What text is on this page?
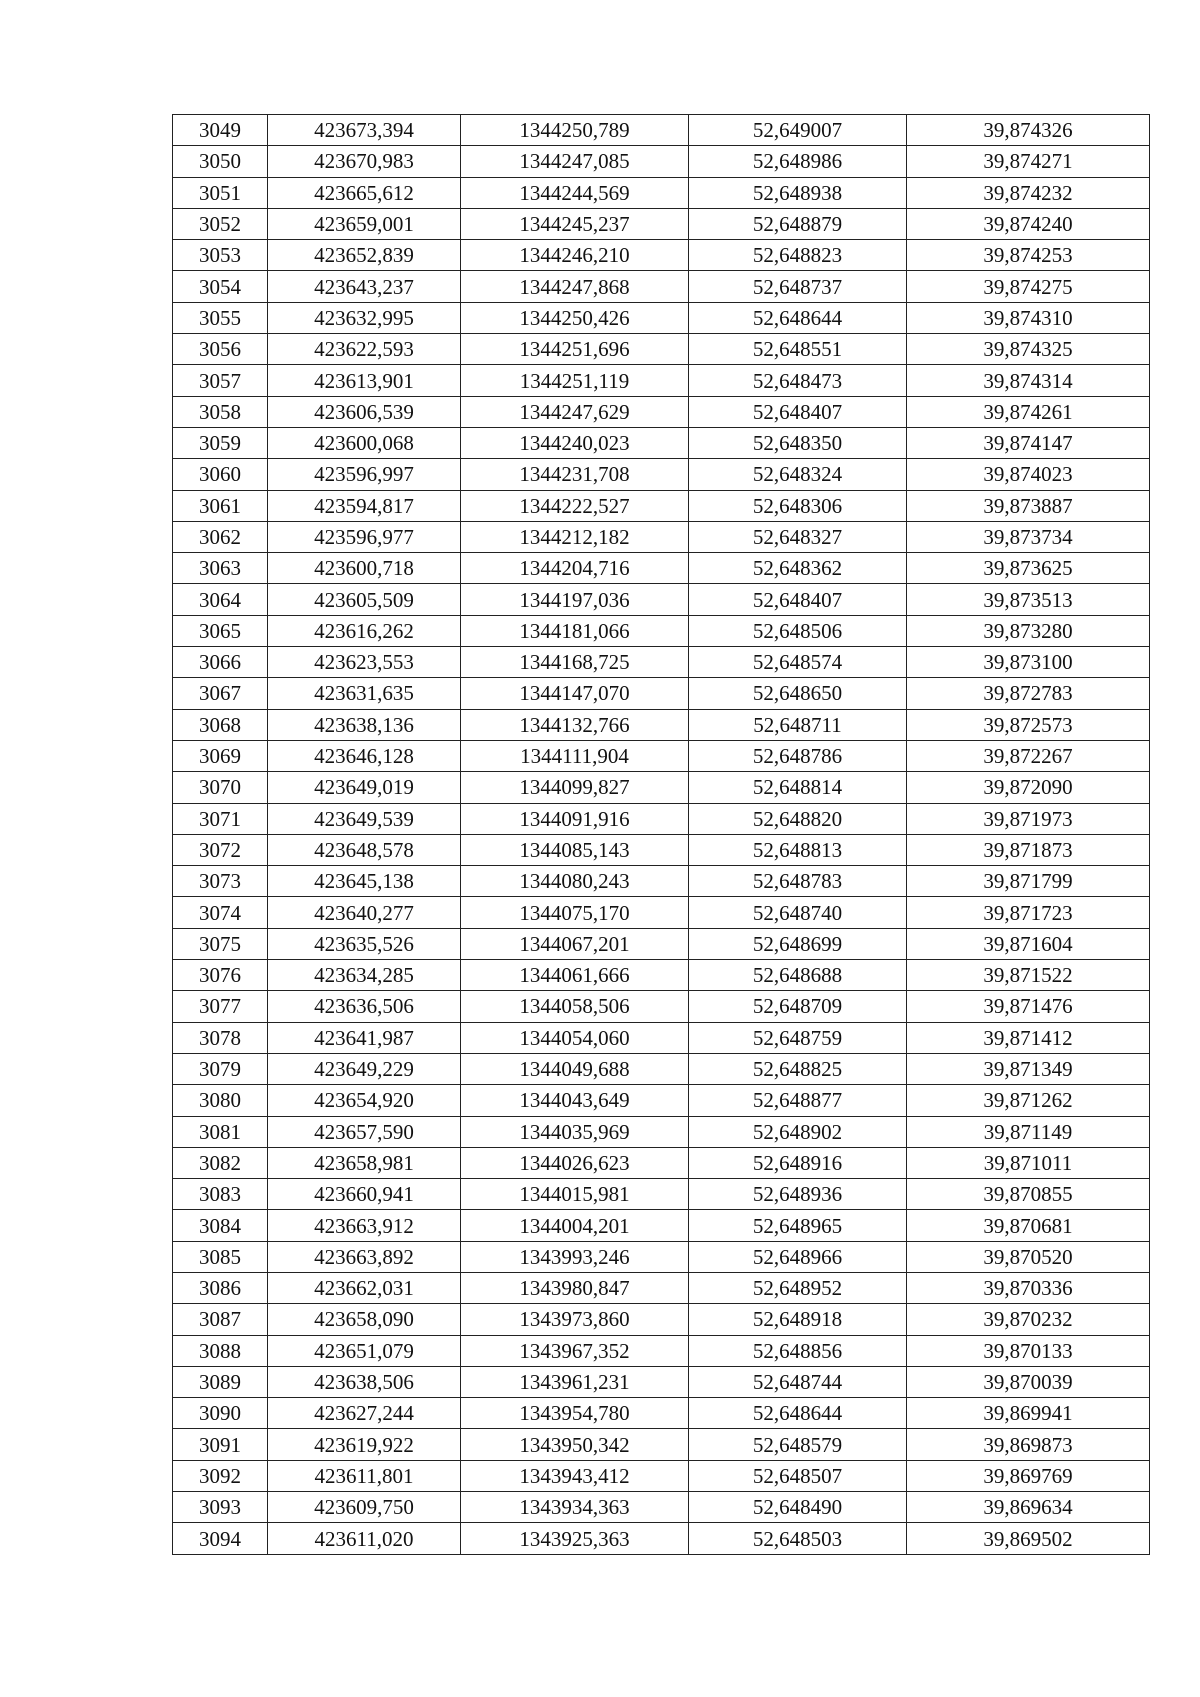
3049	423673,394	1344250,789	52,649007	39,874326
3050	423670,983	1344247,085	52,648986	39,874271
3051	423665,612	1344244,569	52,648938	39,874232
3052	423659,001	1344245,237	52,648879	39,874240
3053	423652,839	1344246,210	52,648823	39,874253
3054	423643,237	1344247,868	52,648737	39,874275
3055	423632,995	1344250,426	52,648644	39,874310
3056	423622,593	1344251,696	52,648551	39,874325
3057	423613,901	1344251,119	52,648473	39,874314
3058	423606,539	1344247,629	52,648407	39,874261
3059	423600,068	1344240,023	52,648350	39,874147
3060	423596,997	1344231,708	52,648324	39,874023
3061	423594,817	1344222,527	52,648306	39,873887
3062	423596,977	1344212,182	52,648327	39,873734
3063	423600,718	1344204,716	52,648362	39,873625
3064	423605,509	1344197,036	52,648407	39,873513
3065	423616,262	1344181,066	52,648506	39,873280
3066	423623,553	1344168,725	52,648574	39,873100
3067	423631,635	1344147,070	52,648650	39,872783
3068	423638,136	1344132,766	52,648711	39,872573
3069	423646,128	1344111,904	52,648786	39,872267
3070	423649,019	1344099,827	52,648814	39,872090
3071	423649,539	1344091,916	52,648820	39,871973
3072	423648,578	1344085,143	52,648813	39,871873
3073	423645,138	1344080,243	52,648783	39,871799
3074	423640,277	1344075,170	52,648740	39,871723
3075	423635,526	1344067,201	52,648699	39,871604
3076	423634,285	1344061,666	52,648688	39,871522
3077	423636,506	1344058,506	52,648709	39,871476
3078	423641,987	1344054,060	52,648759	39,871412
3079	423649,229	1344049,688	52,648825	39,871349
3080	423654,920	1344043,649	52,648877	39,871262
3081	423657,590	1344035,969	52,648902	39,871149
3082	423658,981	1344026,623	52,648916	39,871011
3083	423660,941	1344015,981	52,648936	39,870855
3084	423663,912	1344004,201	52,648965	39,870681
3085	423663,892	1343993,246	52,648966	39,870520
3086	423662,031	1343980,847	52,648952	39,870336
3087	423658,090	1343973,860	52,648918	39,870232
3088	423651,079	1343967,352	52,648856	39,870133
3089	423638,506	1343961,231	52,648744	39,870039
3090	423627,244	1343954,780	52,648644	39,869941
3091	423619,922	1343950,342	52,648579	39,869873
3092	423611,801	1343943,412	52,648507	39,869769
3093	423609,750	1343934,363	52,648490	39,869634
3094	423611,020	1343925,363	52,648503	39,869502
